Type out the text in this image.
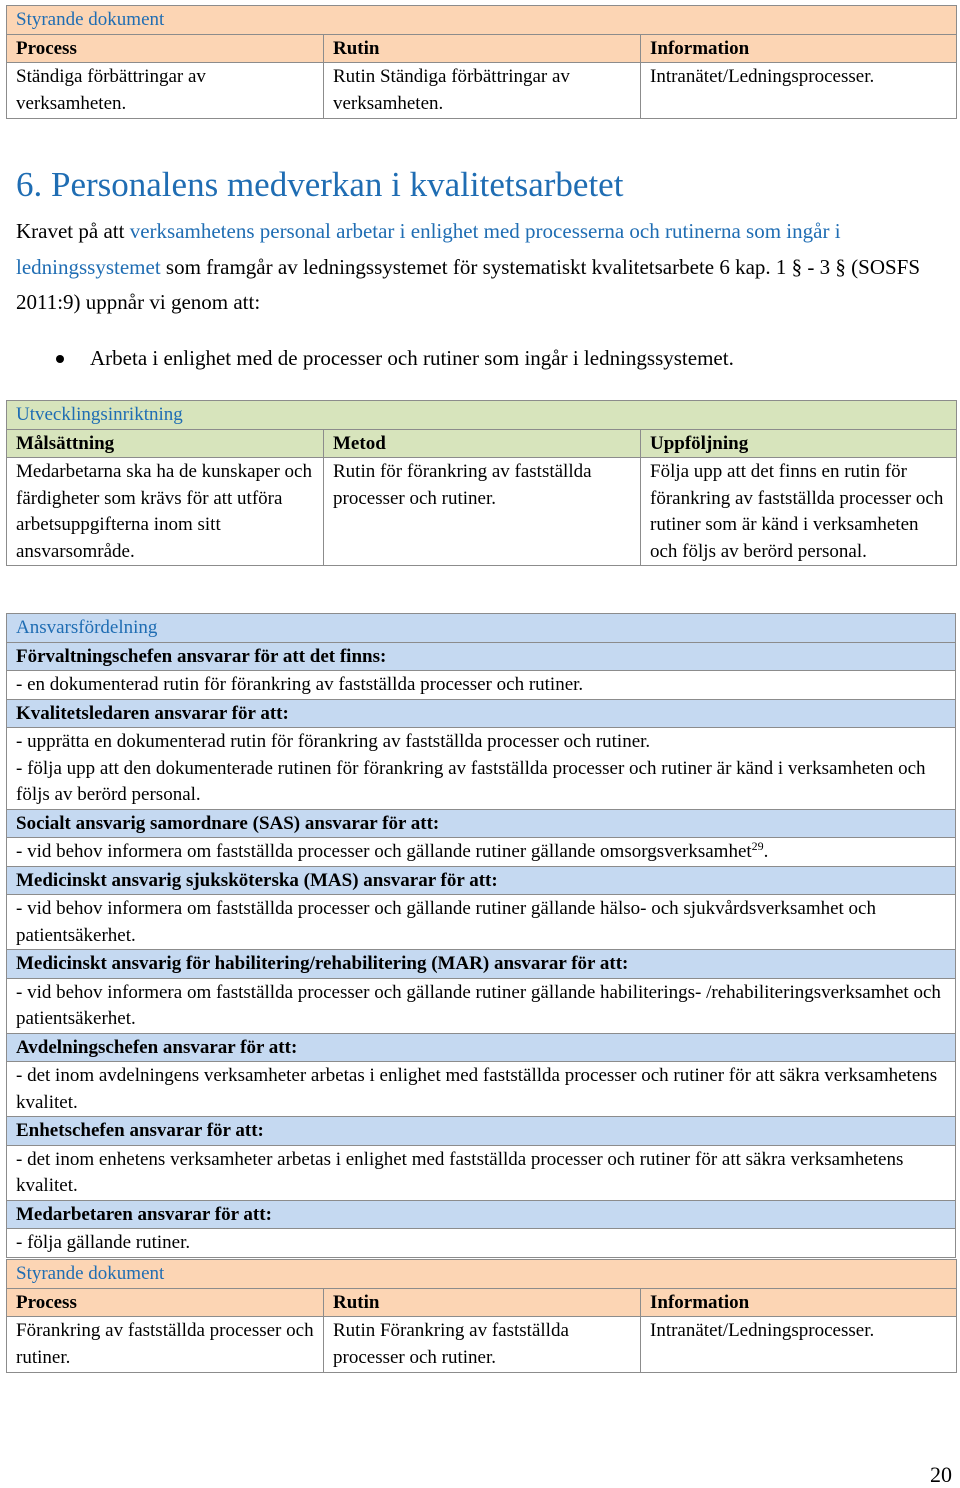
Styrande dokument		
Process	Rutin	Information
Ständiga förbättringar av verksamheten.	Rutin Ständiga förbättringar av verksamheten.	Intranätet/Ledningsprocesser.
6. Personalens medverkan i kvalitetsarbetet
Kravet på att verksamhetens personal arbetar i enlighet med processerna och rutinerna som ingår i ledningssystemet som framgår av ledningssystemet för systematiskt kvalitetsarbete 6 kap. 1 § - 3 § (SOSFS 2011:9) uppnår vi genom att:
Arbeta i enlighet med de processer och rutiner som ingår i ledningssystemet.
Utvecklingsinriktning		
Målsättning	Metod	Uppföljning
Medarbetarna ska ha de kunskaper och färdigheter som krävs för att utföra arbetsuppgifterna inom sitt ansvarsområde.	Rutin för förankring av fastställda processer och rutiner.	Följa upp att det finns en rutin för förankring av fastställda processer och rutiner som är känd i verksamheten och följs av berörd personal.
Ansvarsfördelning
Förvaltningschefen ansvarar för att det finns:
- en dokumenterad rutin för förankring av fastställda processer och rutiner.
Kvalitetsledaren ansvarar för att:

- upprätta en dokumenterad rutin för förankring av fastställda processer och rutiner.
- följa upp att den dokumenterade rutinen för förankring av fastställda processer och rutiner är känd i verksamheten och följs av berörd personal.

Socialt ansvarig samordnare (SAS) ansvarar för att:
- vid behov informera om fastställda processer och gällande rutiner gällande omsorgsverksamhet$^{29}$.
Medicinskt ansvarig sjuksköterska (MAS) ansvarar för att:
- vid behov informera om fastställda processer och gällande rutiner gällande hälso- och sjukvårdsverksamhet och patientsäkerhet.
Medicinskt ansvarig för habilitering/rehabilitering (MAR) ansvarar för att:
- vid behov informera om fastställda processer och gällande rutiner gällande habiliterings- /rehabiliteringsverksamhet och patientsäkerhet.
Avdelningschefen ansvarar för att:
- det inom avdelningens verksamheter arbetas i enlighet med fastställda processer och rutiner för att säkra verksamhetens kvalitet.
Enhetschefen ansvarar för att:
- det inom enhetens verksamheter arbetas i enlighet med fastställda processer och rutiner för att säkra verksamhetens kvalitet.
Medarbetaren ansvarar för att:
- följa gällande rutiner.
Styrande dokument		
Process	Rutin	Information
Förankring av fastställda processer och rutiner.	Rutin Förankring av fastställda processer och rutiner.	Intranätet/Ledningsprocesser.
20
